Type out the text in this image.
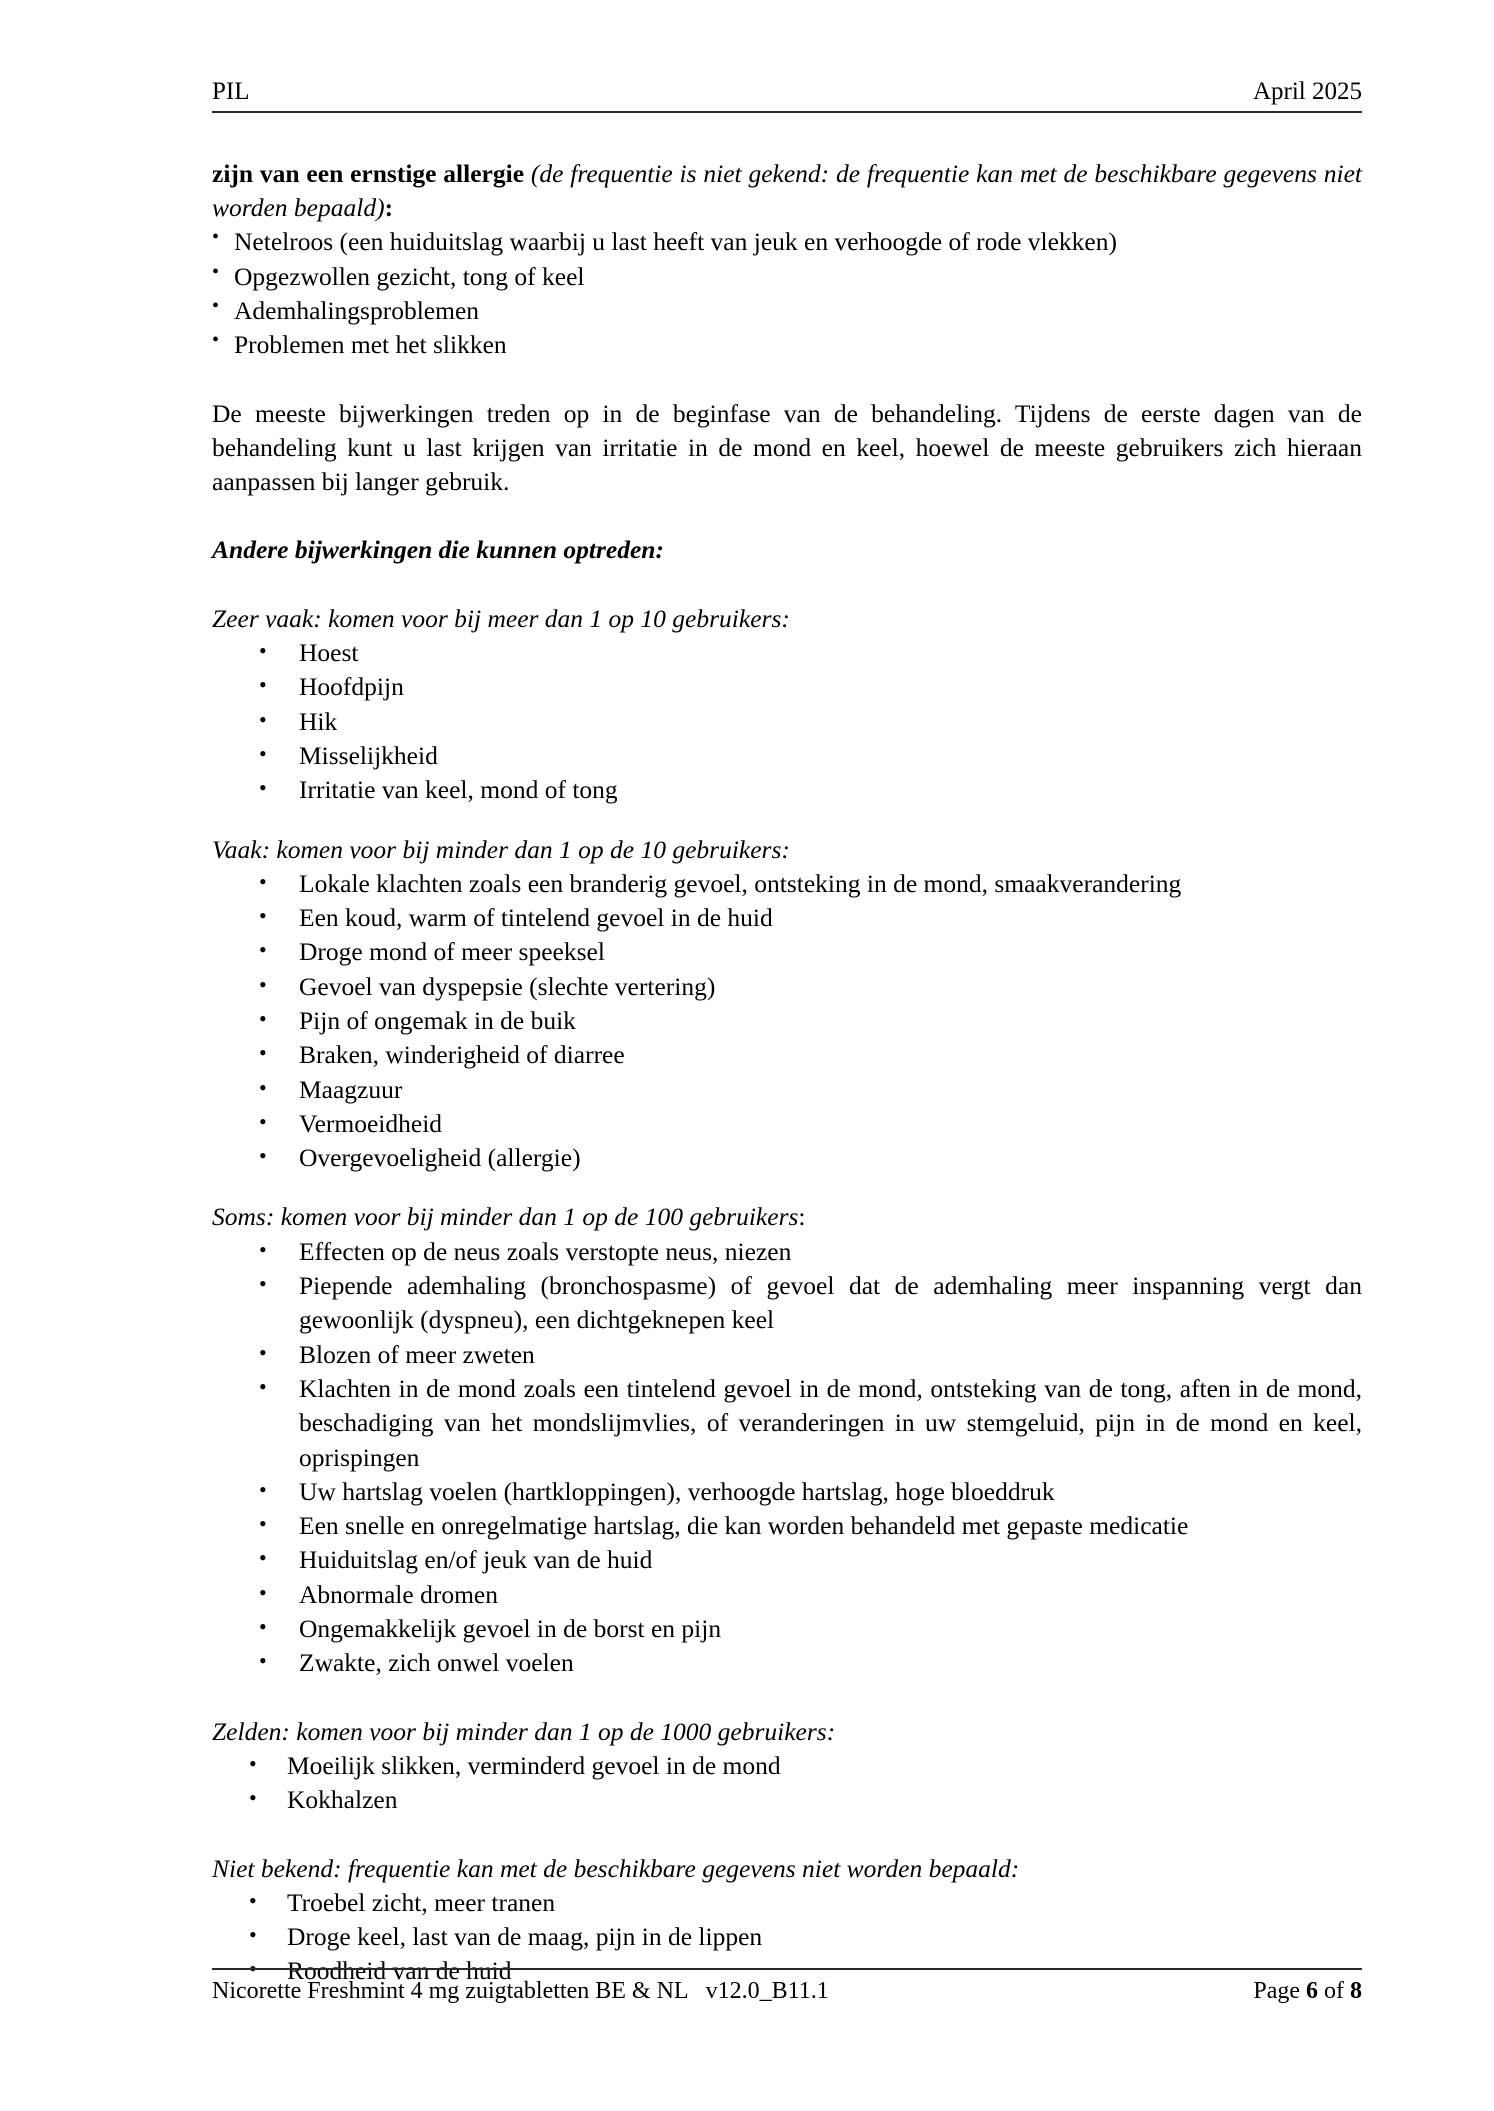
PIL	April 2025

zijn van een ernstige allergie (de frequentie is niet gekend: de frequentie kan met de beschikbare gegevens niet worden bepaald):

• Netelroos (een huiduitslag waarbij u last heeft van jeuk en verhoogde of rode vlekken)
• Opgezwollen gezicht, tong of keel
• Ademhalingsproblemen
• Problemen met het slikken

De meeste bijwerkingen treden op in de beginfase van de behandeling. Tijdens de eerste dagen van de behandeling kunt u last krijgen van irritatie in de mond en keel, hoewel de meeste gebruikers zich hieraan aanpassen bij langer gebruik.

Andere bijwerkingen die kunnen optreden:

Zeer vaak: komen voor bij meer dan 1 op 10 gebruikers:

• Hoest
• Hoofdpijn
• Hik
• Misselijkheid
• Irritatie van keel, mond of tong

Vaak: komen voor bij minder dan 1 op de 10 gebruikers:

• Lokale klachten zoals een branderig gevoel, ontsteking in de mond, smaakverandering
• Een koud, warm of tintelend gevoel in de huid
• Droge mond of meer speeksel
• Gevoel van dyspepsie (slechte vertering)
• Pijn of ongemak in de buik
• Braken, winderigheid of diarree
• Maagzuur
• Vermoeidheid
• Overgevoeligheid (allergie)

Soms: komen voor bij minder dan 1 op de 100 gebruikers:

• Effecten op de neus zoals verstopte neus, niezen
• Piepende ademhaling (bronchospasme) of gevoel dat de ademhaling meer inspanning vergt dan gewoonlijk (dyspneu), een dichtgeknepen keel
• Blozen of meer zweten
• Klachten in de mond zoals een tintelend gevoel in de mond, ontsteking van de tong, aften in de mond, beschadiging van het mondslijmvlies, of veranderingen in uw stemgeluid, pijn in de mond en keel, oprispingen
• Uw hartslag voelen (hartkloppingen), verhoogde hartslag, hoge bloeddruk
• Een snelle en onregelmatige hartslag, die kan worden behandeld met gepaste medicatie
• Huiduitslag en/of jeuk van de huid
• Abnormale dromen
• Ongemakkelijk gevoel in de borst en pijn
• Zwakte, zich onwel voelen

Zelden: komen voor bij minder dan 1 op de 1000 gebruikers:

• Moeilijk slikken, verminderd gevoel in de mond
• Kokhalzen

Niet bekend: frequentie kan met de beschikbare gegevens niet worden bepaald:

• Troebel zicht, meer tranen
• Droge keel, last van de maag, pijn in de lippen
• Roodheid van de huid
Nicorette Freshmint 4 mg zuigtabletten BE & NL   v12.0_B11.1	Page 6 of 8
